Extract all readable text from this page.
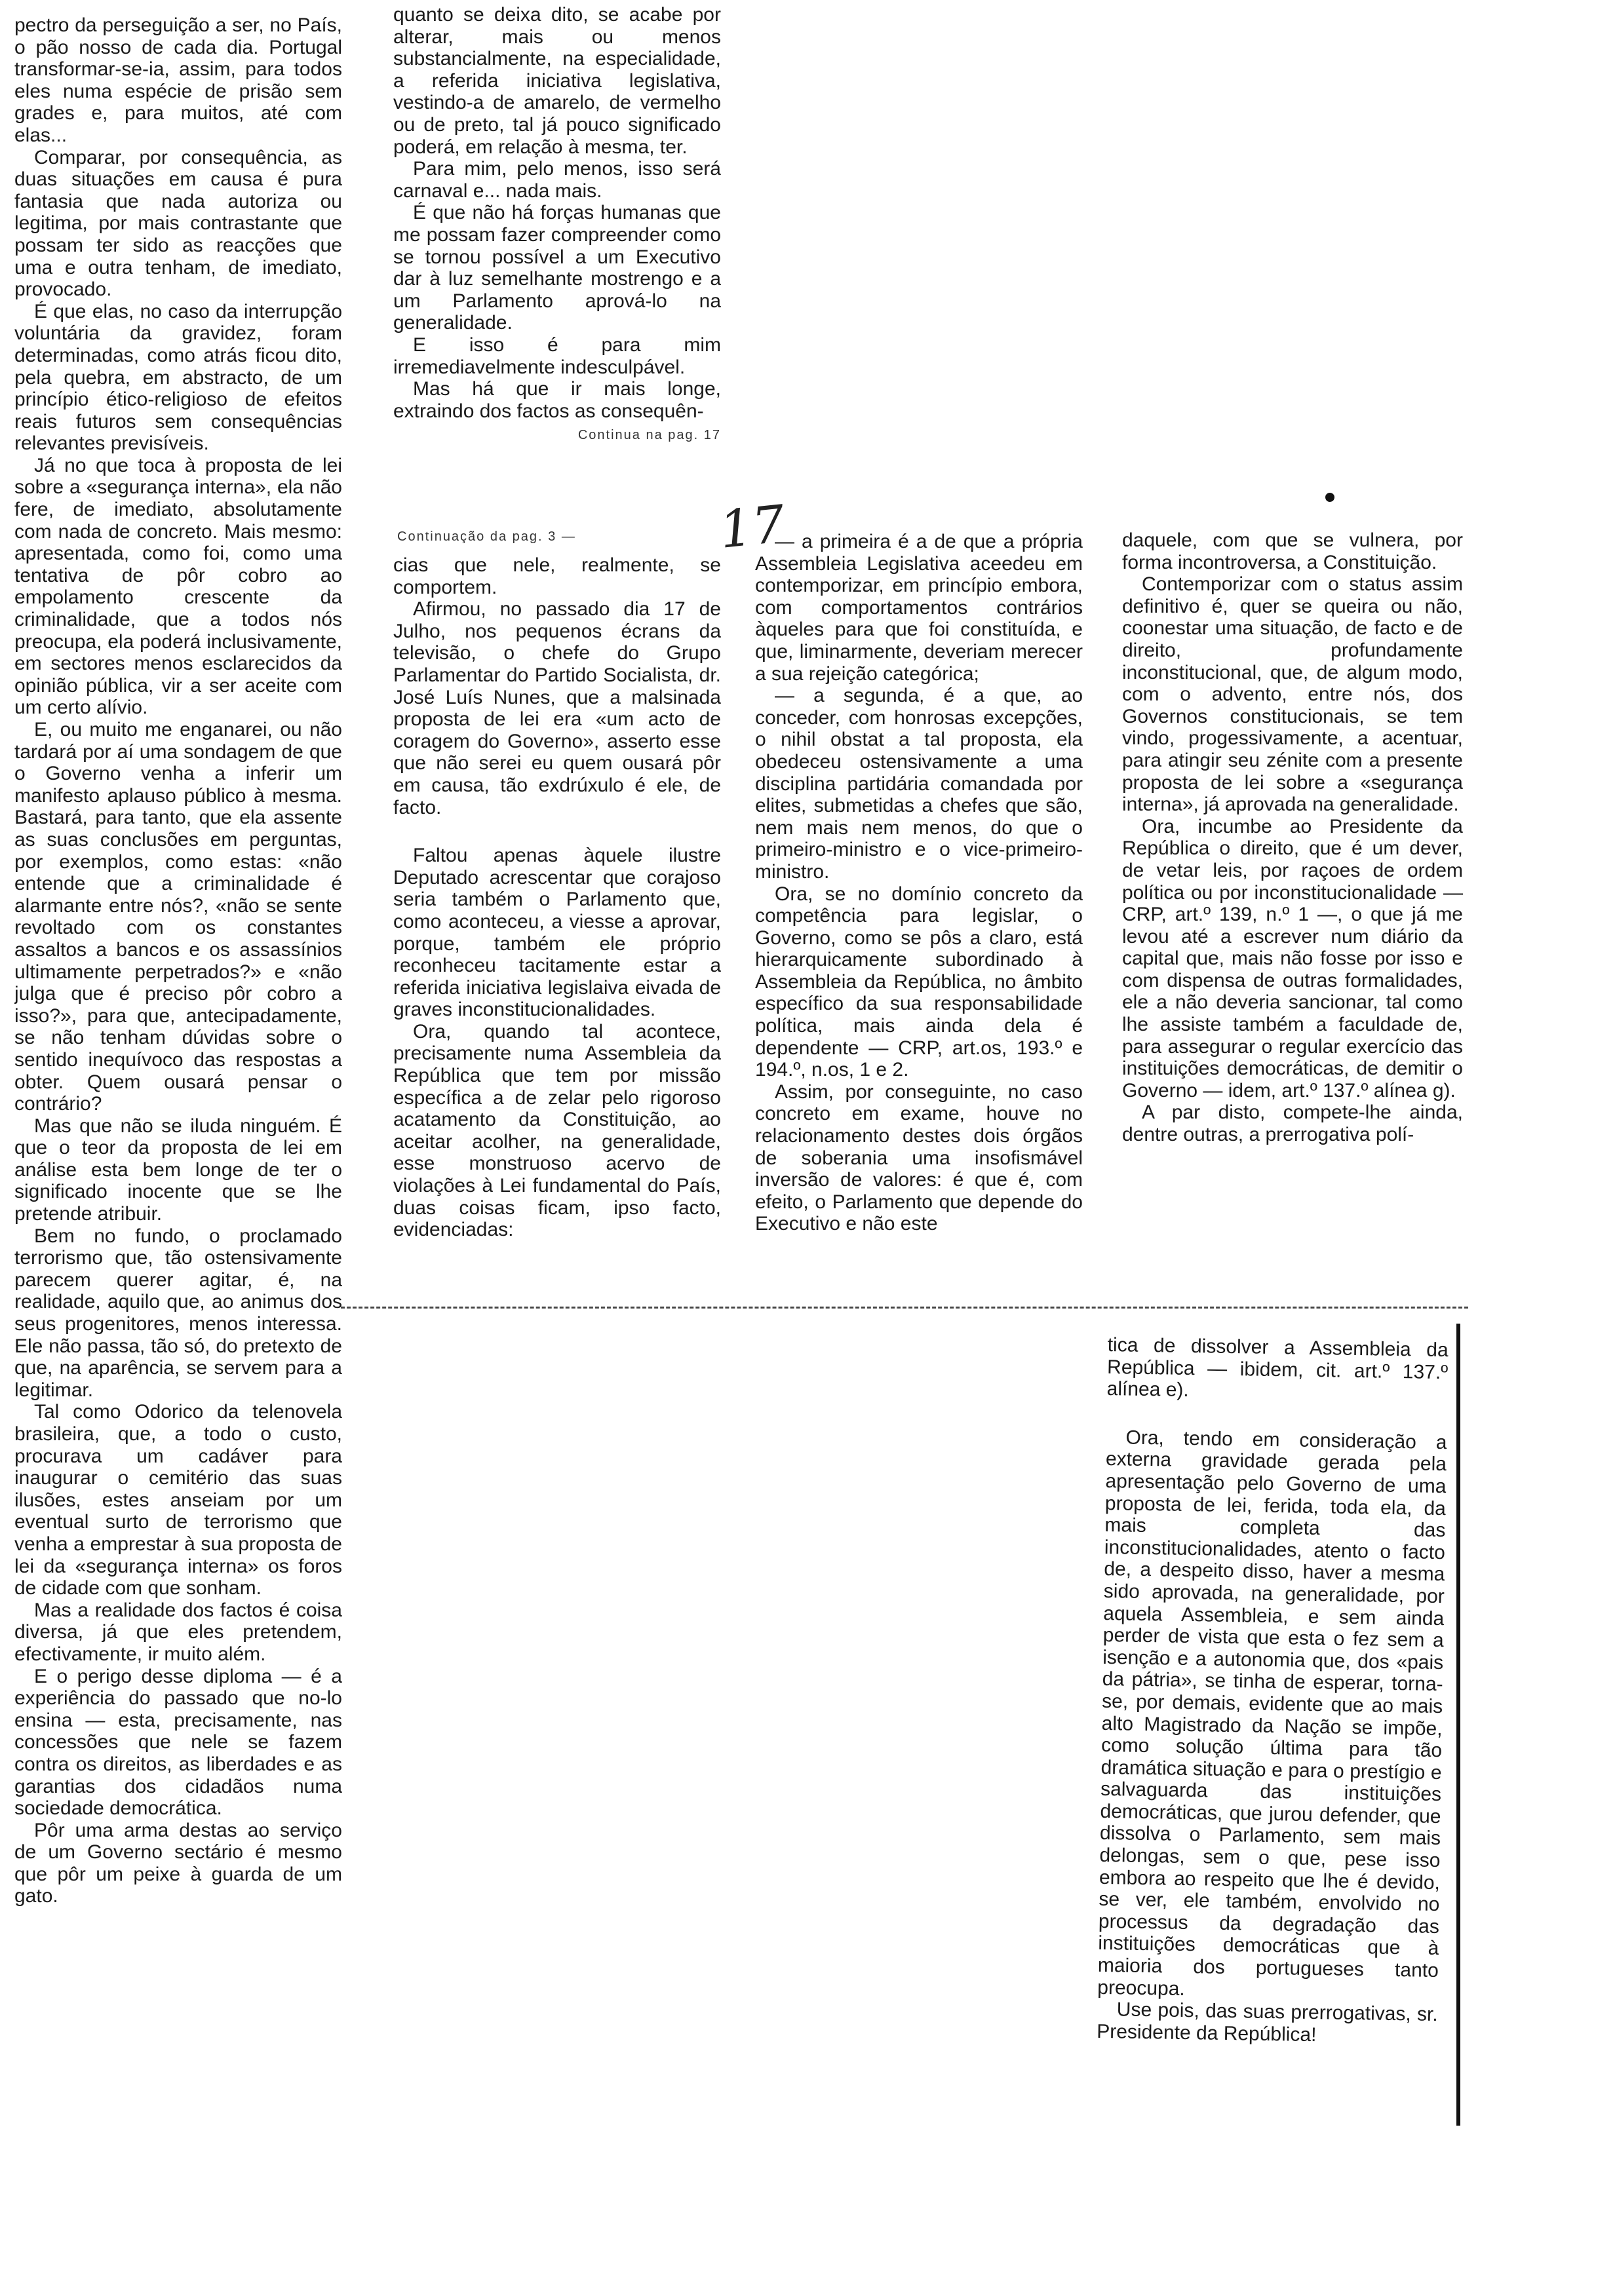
pectro da perseguição a ser, no País, o pão nosso de cada dia. Portugal transformar-se-ia, assim, para todos eles numa espécie de prisão sem grades e, para muitos, até com elas...

Comparar, por consequência, as duas situações em causa é pura fantasia que nada autoriza ou legitima, por mais contrastante que possam ter sido as reacções que uma e outra tenham, de imediato, provocado.

É que elas, no caso da interrupção voluntária da gravidez, foram determinadas, como atrás ficou dito, pela quebra, em abstracto, de um princípio ético-religioso de efeitos reais futuros sem consequências relevantes previsíveis.

Já no que toca à proposta de lei sobre a «segurança interna», ela não fere, de imediato, absolutamente com nada de concreto. Mais mesmo: apresentada, como foi, como uma tentativa de pôr cobro ao empolamento crescente da criminalidade, que a todos nós preocupa, ela poderá inclusivamente, em sectores menos esclarecidos da opinião pública, vir a ser aceite com um certo alívio.

E, ou muito me enganarei, ou não tardará por aí uma sondagem de que o Governo venha a inferir um manifesto aplauso público à mesma. Bastará, para tanto, que ela assente as suas conclusões em perguntas, por exemplos, como estas: «não entende que a criminalidade é alarmante entre nós?, «não se sente revoltado com os constantes assaltos a bancos e os assassínios ultimamente perpetrados?» e «não julga que é preciso pôr cobro a isso?», para que, antecipadamente, se não tenham dúvidas sobre o sentido inequívoco das respostas a obter. Quem ousará pensar o contrário?

Mas que não se iluda ninguém. É que o teor da proposta de lei em análise esta bem longe de ter o significado inocente que se lhe pretende atribuir.

Bem no fundo, o proclamado terrorismo que, tão ostensivamente parecem querer agitar, é, na realidade, aquilo que, ao animus dos seus progenitores, menos interessa. Ele não passa, tão só, do pretexto de que, na aparência, se servem para a legitimar.

Tal como Odorico da telenovela brasileira, que, a todo o custo, procurava um cadáver para inaugurar o cemitério das suas ilusões, estes anseiam por um eventual surto de terrorismo que venha a emprestar à sua proposta de lei da «segurança interna» os foros de cidade com que sonham.

Mas a realidade dos factos é coisa diversa, já que eles pretendem, efectivamente, ir muito além.

E o perigo desse diploma — é a experiência do passado que no-lo ensina — esta, precisamente, nas concessões que nele se fazem contra os direitos, as liberdades e as garantias dos cidadãos numa sociedade democrática.

Pôr uma arma destas ao serviço de um Governo sectário é mesmo que pôr um peixe à guarda de um gato.

quanto se deixa dito, se acabe por alterar, mais ou menos substancialmente, na especialidade, a referida iniciativa legislativa, vestindo-a de amarelo, de vermelho ou de preto, tal já pouco significado poderá, em relação à mesma, ter.

Para mim, pelo menos, isso será carnaval e... nada mais.

É que não há forças humanas que me possam fazer compreender como se tornou possível a um Executivo dar à luz semelhante mostrengo e a um Parlamento aprová-lo na generalidade.

E isso é para mim irremediavelmente indesculpável.

Mas há que ir mais longe, extraindo dos factos as consequên-

Continua na pag. 17
Continuação da pag. 3 —	17

cias que nele, realmente, se comportem.

Afirmou, no passado dia 17 de Julho, nos pequenos écrans da televisão, o chefe do Grupo Parlamentar do Partido Socialista, dr. José Luís Nunes, que a malsinada proposta de lei era «um acto de coragem do Governo», asserto esse que não serei eu quem ousará pôr em causa, tão exdrúxulo é ele, de facto.

Faltou apenas àquele ilustre Deputado acrescentar que corajoso seria também o Parlamento que, como aconteceu, a viesse a aprovar, porque, também ele próprio reconheceu tacitamente estar a referida iniciativa legislaiva eivada de graves inconstitucionalidades.

Ora, quando tal acontece, precisamente numa Assembleia da República que tem por missão específica a de zelar pelo rigoroso acatamento da Constituição, ao aceitar acolher, na generalidade, esse monstruoso acervo de violações à Lei fundamental do País, duas coisas ficam, ipso facto, evidenciadas:

— a primeira é a de que a própria Assembleia Legislativa aceedeu em contemporizar, em princípio embora, com comportamentos contrários àqueles para que foi constituída, e que, liminarmente, deveriam merecer a sua rejeição categórica;

— a segunda, é a que, ao conceder, com honrosas excepções, o nihil obstat a tal proposta, ela obedeceu ostensivamente a uma disciplina partidária comandada por elites, submetidas a chefes que são, nem mais nem menos, do que o primeiro-ministro e o vice-primeiro-ministro.

Ora, se no domínio concreto da competência para legislar, o Governo, como se pôs a claro, está hierarquicamente subordinado à Assembleia da República, no âmbito específico da sua responsabilidade política, mais ainda dela é dependente — CRP, art.os, 193.º e 194.º, n.os, 1 e 2.

Assim, por conseguinte, no caso concreto em exame, houve no relacionamento destes dois órgãos de soberania uma insofismável inversão de valores: é que é, com efeito, o Parlamento que depende do Executivo e não este

daquele, com que se vulnera, por forma incontroversa, a Constituição.

Contemporizar com o status assim definitivo é, quer se queira ou não, coonestar uma situação, de facto e de direito, profundamente inconstitucional, que, de algum modo, com o advento, entre nós, dos Governos constitucionais, se tem vindo, progessivamente, a acentuar, para atingir seu zénite com a presente proposta de lei sobre a «segurança interna», já aprovada na generalidade.

Ora, incumbe ao Presidente da República o direito, que é um dever, de vetar leis, por raçoes de ordem política ou por inconstitucionalidade — CRP, art.º 139, n.º 1 —, o que já me levou até a escrever num diário da capital que, mais não fosse por isso e com dispensa de outras formalidades, ele a não deveria sancionar, tal como lhe assiste também a faculdade de, para assegurar o regular exercício das instituições democráticas, de demitir o Governo — idem, art.º 137.º alínea g).

A par disto, compete-lhe ainda, dentre outras, a prerrogativa polí-

tica de dissolver a Assembleia da República — ibidem, cit. art.º 137.º alínea e).

Ora, tendo em consideração a externa gravidade gerada pela apresentação pelo Governo de uma proposta de lei, ferida, toda ela, da mais completa das inconstitucionalidades, atento o facto de, a despeito disso, haver a mesma sido aprovada, na generalidade, por aquela Assembleia, e sem ainda perder de vista que esta o fez sem a isenção e a autonomia que, dos «pais da pátria», se tinha de esperar, torna-se, por demais, evidente que ao mais alto Magistrado da Nação se impõe, como solução última para tão dramática situação e para o prestígio e salvaguarda das instituições democráticas, que jurou defender, que dissolva o Parlamento, sem mais delongas, sem o que, pese isso embora ao respeito que lhe é devido, se ver, ele também, envolvido no processus da degradação das instituições democráticas que à maioria dos portugueses tanto preocupa.

Use pois, das suas prerrogativas, sr. Presidente da República!
